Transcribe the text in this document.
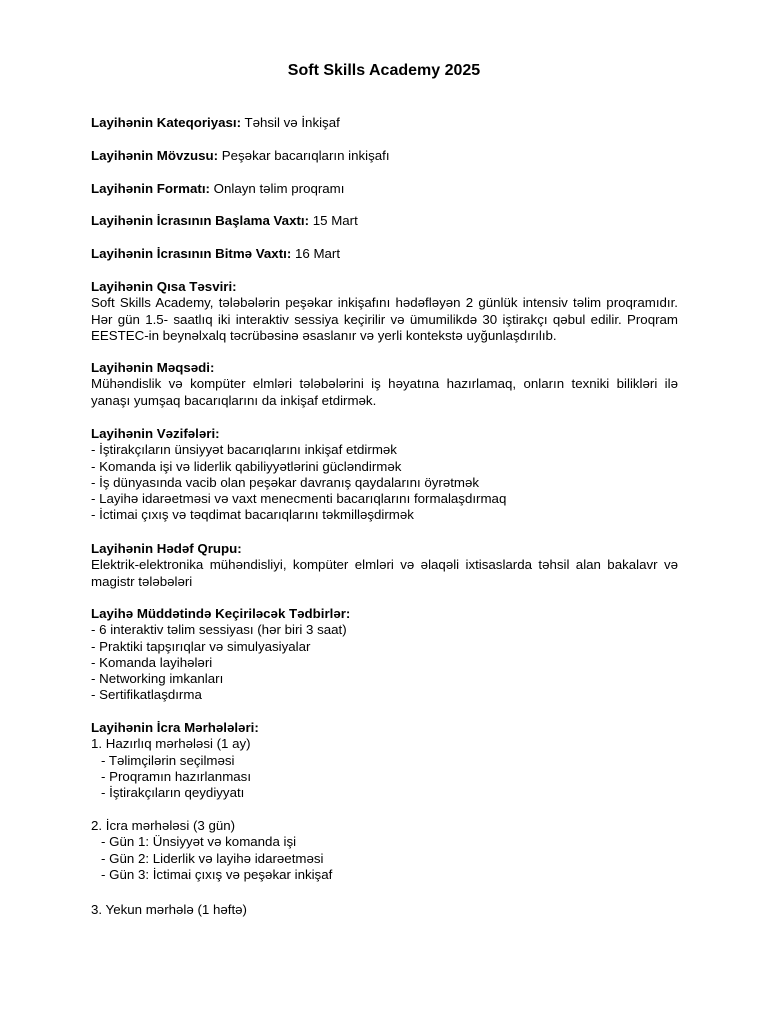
Soft Skills Academy 2025
Layihənin Kateqoriyası: Təhsil və İnkişaf
Layihənin Mövzusu: Peşəkar bacarıqların inkişafı
Layihənin Formatı: Onlayn təlim proqramı
Layihənin İcrasının Başlama Vaxtı: 15 Mart
Layihənin İcrasının Bitmə Vaxtı: 16 Mart
Layihənin Qısa Təsviri:
Soft Skills Academy, tələbələrin peşəkar inkişafını hədəfləyən 2 günlük intensiv təlim proqramıdır. Hər gün 1.5- saatlıq iki interaktiv sessiya keçirilir və ümumilikdə 30 iştirakçı qəbul edilir. Proqram EESTEC-in beynəlxalq təcrübəsinə əsaslanır və yerli kontekstə uyğunlaşdırılıb.
Layihənin Məqsədi:
Mühəndislik və kompüter elmləri tələbələrini iş həyatına hazırlamaq, onların texniki bilikləri ilə yanaşı yumşaq bacarıqlarını da inkişaf etdirmək.
Layihənin Vəzifələri:
- İştirakçıların ünsiyyət bacarıqlarını inkişaf etdirmək
- Komanda işi və liderlik qabiliyyətlərini gücləndirmək
- İş dünyasında vacib olan peşəkar davranış qaydalarını öyrətmək
- Layihə idarəetməsi və vaxt menecmenti bacarıqlarını formalaşdırmaq
- İctimai çıxış və təqdimat bacarıqlarını təkmilləşdirmək
Layihənin Hədəf Qrupu:
Elektrik-elektronika mühəndisliyi, kompüter elmləri və əlaqəli ixtisaslarda təhsil alan bakalavr və magistr tələbələri
Layihə Müddətində Keçiriləcək Tədbirlər:
- 6 interaktiv təlim sessiyası (hər biri 3 saat)
- Praktiki tapşırıqlar və simulyasiyalar
- Komanda layihələri
- Networking imkanları
- Sertifikatlaşdırma
Layihənin İcra Mərhələləri:
1. Hazırlıq mərhələsi (1 ay)
- Təlimçilərin seçilməsi
- Proqramın hazırlanması
- İştirakçıların qeydiyyatı
2. İcra mərhələsi (3 gün)
- Gün 1: Ünsiyyət və komanda işi
- Gün 2: Liderlik və layihə idarəetməsi
- Gün 3: İctimai çıxış və peşəkar inkişaf
3. Yekun mərhələ (1 həftə)
